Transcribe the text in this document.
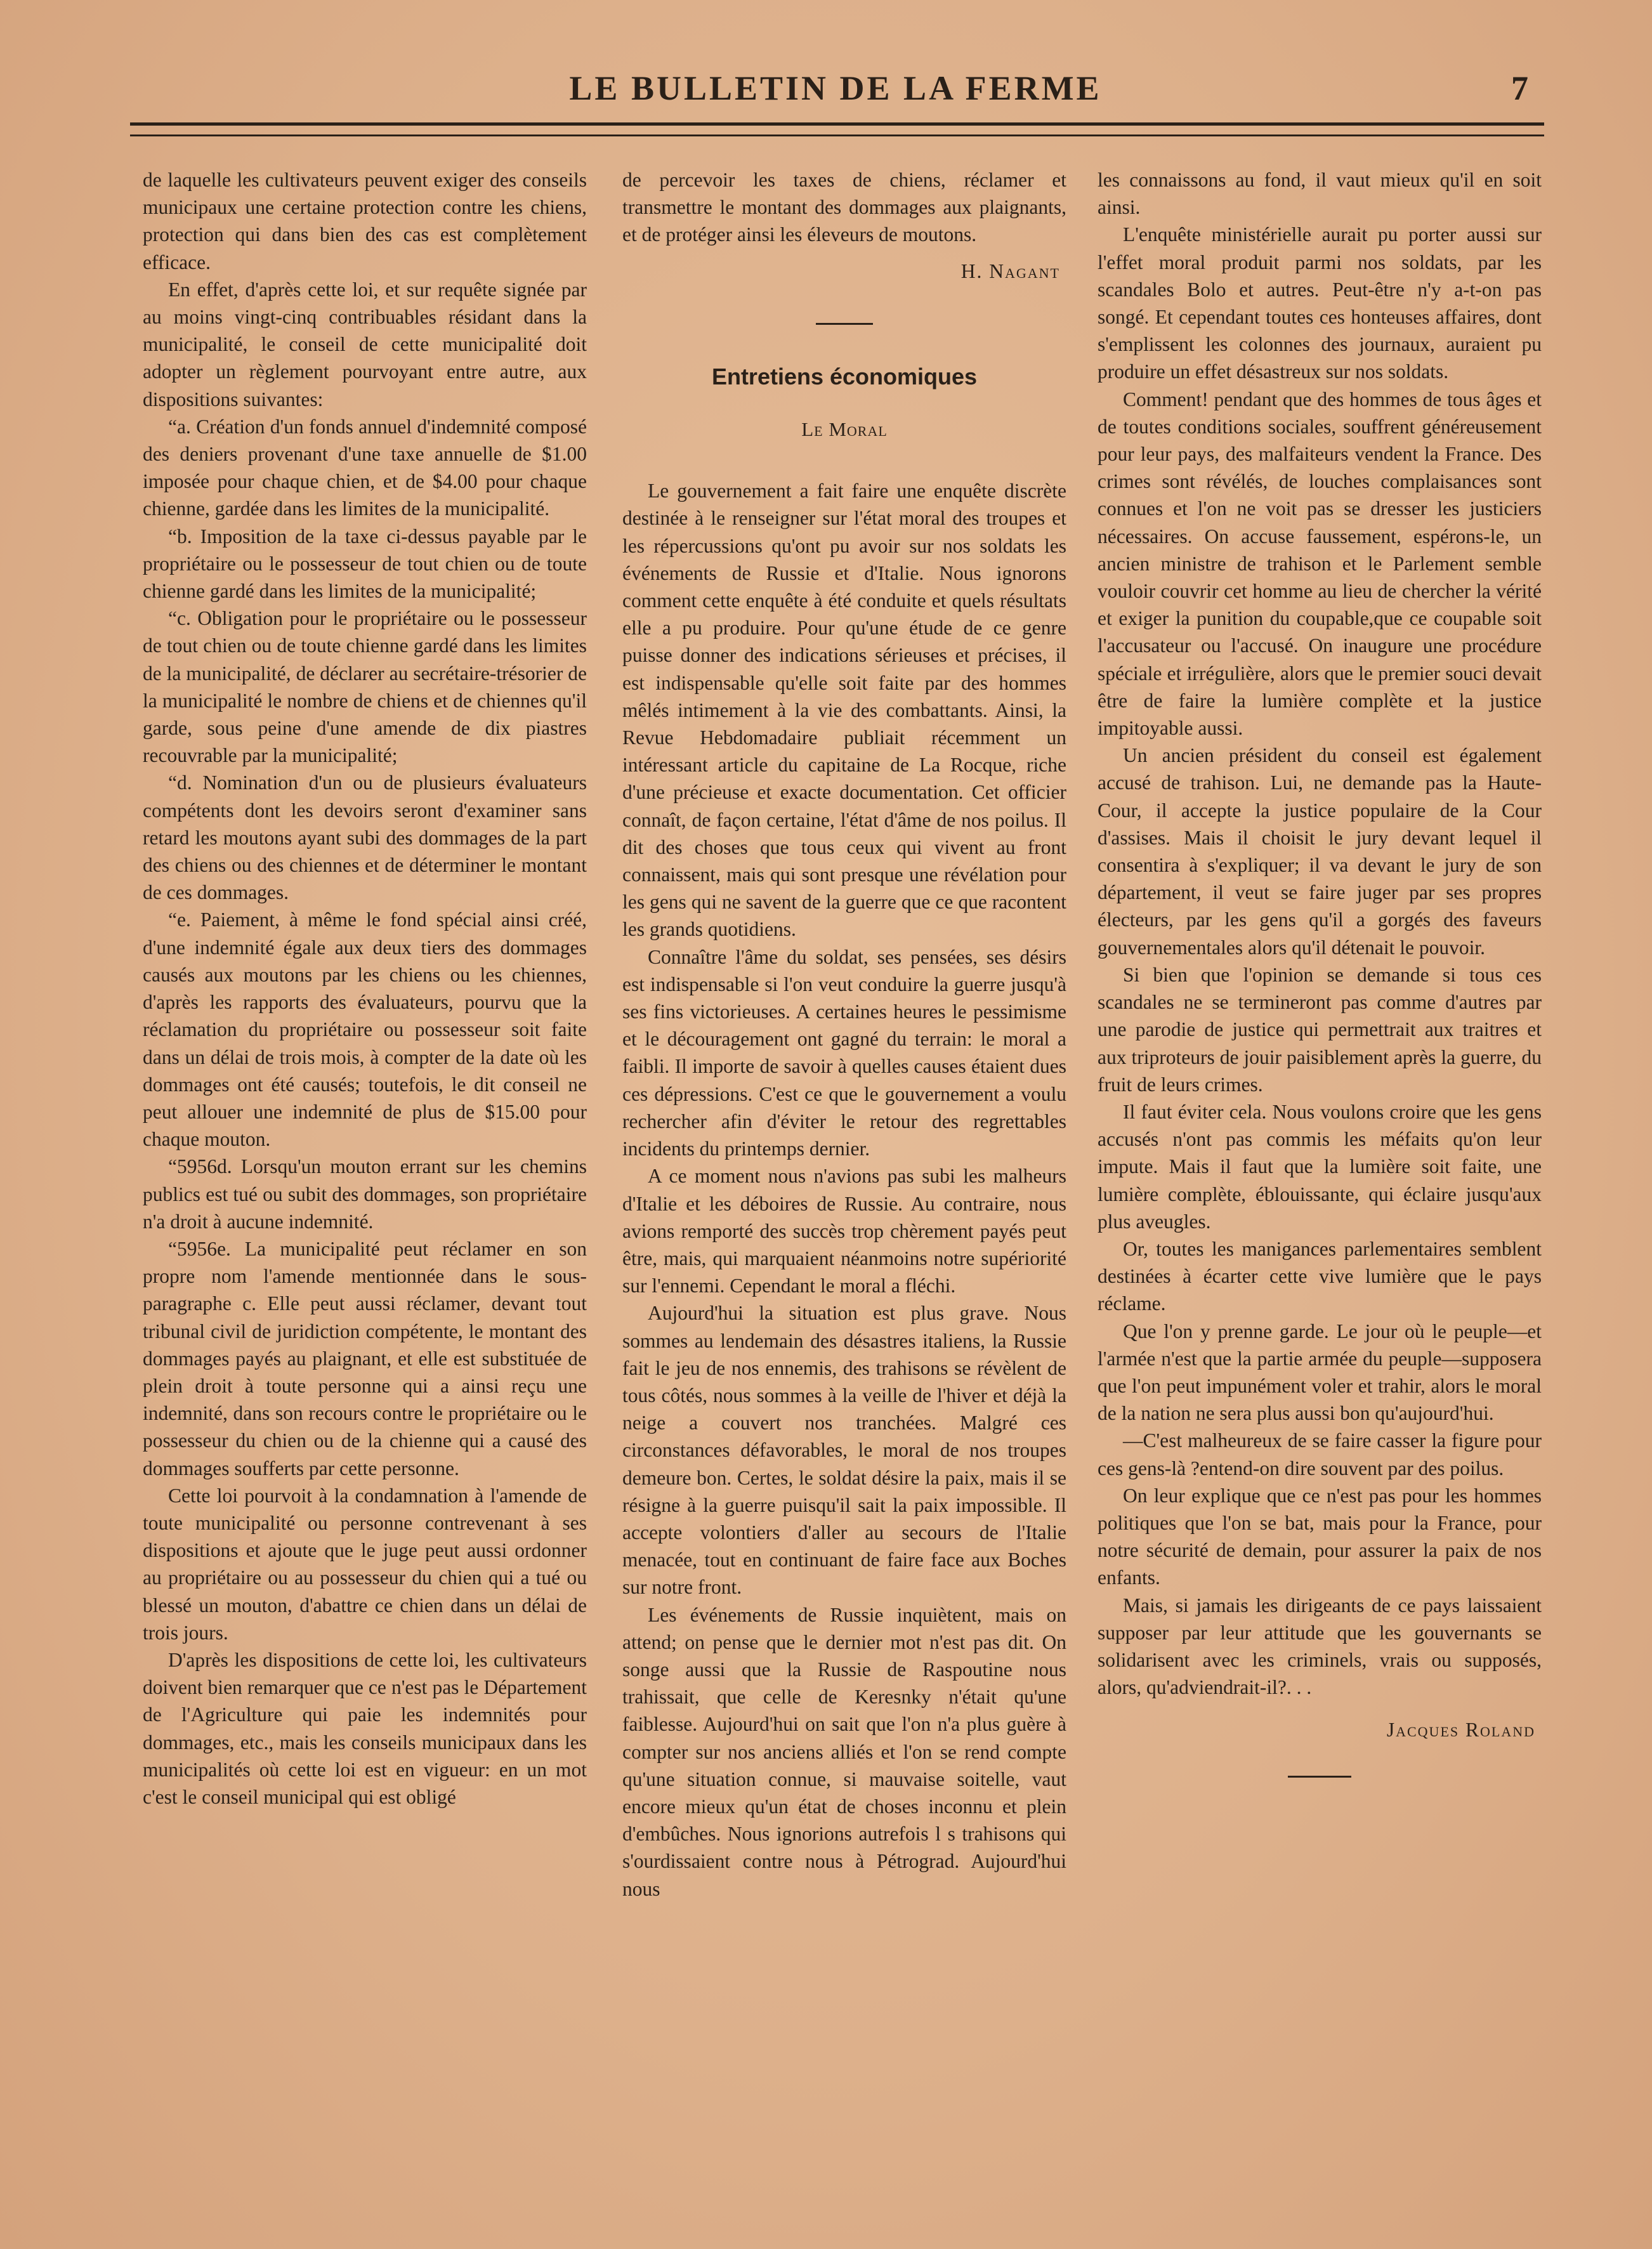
LE BULLETIN DE LA FERME	7

de laquelle les cultivateurs peuvent exiger des conseils municipaux une certaine protection contre les chiens, protection qui dans bien des cas est complètement efficace.

En effet, d'après cette loi, et sur requête signée par au moins vingt-cinq contribuables résidant dans la municipalité, le conseil de cette municipalité doit adopter un règlement pourvoyant entre autre, aux dispositions suivantes:

“a. Création d'un fonds annuel d'indemnité composé des deniers provenant d'une taxe annuelle de $1.00 imposée pour chaque chien, et de $4.00 pour chaque chienne, gardée dans les limites de la municipalité.

“b. Imposition de la taxe ci-dessus payable par le propriétaire ou le possesseur de tout chien ou de toute chienne gardé dans les limites de la municipalité;

“c. Obligation pour le propriétaire ou le possesseur de tout chien ou de toute chienne gardé dans les limites de la municipalité, de déclarer au secrétaire-trésorier de la municipalité le nombre de chiens et de chiennes qu'il garde, sous peine d'une amende de dix piastres recouvrable par la municipalité;

“d. Nomination d'un ou de plusieurs évaluateurs compétents dont les devoirs seront d'examiner sans retard les moutons ayant subi des dommages de la part des chiens ou des chiennes et de déterminer le montant de ces dommages.

“e. Paiement, à même le fond spécial ainsi créé, d'une indemnité égale aux deux tiers des dommages causés aux moutons par les chiens ou les chiennes, d'après les rapports des évaluateurs, pourvu que la réclamation du propriétaire ou possesseur soit faite dans un délai de trois mois, à compter de la date où les dommages ont été causés; toutefois, le dit conseil ne peut allouer une indemnité de plus de $15.00 pour chaque mouton.

“5956d. Lorsqu'un mouton errant sur les chemins publics est tué ou subit des dommages, son propriétaire n'a droit à aucune indemnité.

“5956e. La municipalité peut réclamer en son propre nom l'amende mentionnée dans le sous-paragraphe c. Elle peut aussi réclamer, devant tout tribunal civil de juridiction compétente, le montant des dommages payés au plaignant, et elle est substituée de plein droit à toute personne qui a ainsi reçu une indemnité, dans son recours contre le propriétaire ou le possesseur du chien ou de la chienne qui a causé des dommages soufferts par cette personne.

Cette loi pourvoit à la condamnation à l'amende de toute municipalité ou personne contrevenant à ses dispositions et ajoute que le juge peut aussi ordonner au propriétaire ou au possesseur du chien qui a tué ou blessé un mouton, d'abattre ce chien dans un délai de trois jours.

D'après les dispositions de cette loi, les cultivateurs doivent bien remarquer que ce n'est pas le Département de l'Agriculture qui paie les indemnités pour dommages, etc., mais les conseils municipaux dans les municipalités où cette loi est en vigueur: en un mot c'est le conseil municipal qui est obligé

de percevoir les taxes de chiens, réclamer et transmettre le montant des dommages aux plaignants, et de protéger ainsi les éleveurs de moutons.

H. Nagant

Entretiens économiques
Le Moral

Le gouvernement a fait faire une enquête discrète destinée à le renseigner sur l'état moral des troupes et les répercussions qu'ont pu avoir sur nos soldats les événements de Russie et d'Italie. Nous ignorons comment cette enquête à été conduite et quels résultats elle a pu produire. Pour qu'une étude de ce genre puisse donner des indications sérieuses et précises, il est indispensable qu'elle soit faite par des hommes mêlés intimement à la vie des combattants. Ainsi, la Revue Hebdomadaire publiait récemment un intéressant article du capitaine de La Rocque, riche d'une précieuse et exacte documentation. Cet officier connaît, de façon certaine, l'état d'âme de nos poilus. Il dit des choses que tous ceux qui vivent au front connaissent, mais qui sont presque une révélation pour les gens qui ne savent de la guerre que ce que racontent les grands quotidiens.

Connaître l'âme du soldat, ses pensées, ses désirs est indispensable si l'on veut conduire la guerre jusqu'à ses fins victorieuses. A certaines heures le pessimisme et le découragement ont gagné du terrain: le moral a faibli. Il importe de savoir à quelles causes étaient dues ces dépressions. C'est ce que le gouvernement a voulu rechercher afin d'éviter le retour des regrettables incidents du printemps dernier.

A ce moment nous n'avions pas subi les malheurs d'Italie et les déboires de Russie. Au contraire, nous avions remporté des succès trop chèrement payés peut être, mais, qui marquaient néanmoins notre supériorité sur l'ennemi. Cependant le moral a fléchi.

Aujourd'hui la situation est plus grave. Nous sommes au lendemain des désastres italiens, la Russie fait le jeu de nos ennemis, des trahisons se révèlent de tous côtés, nous sommes à la veille de l'hiver et déjà la neige a couvert nos tranchées. Malgré ces circonstances défavorables, le moral de nos troupes demeure bon. Certes, le soldat désire la paix, mais il se résigne à la guerre puisqu'il sait la paix impossible. Il accepte volontiers d'aller au secours de l'Italie menacée, tout en continuant de faire face aux Boches sur notre front.

Les événements de Russie inquiètent, mais on attend; on pense que le dernier mot n'est pas dit. On songe aussi que la Russie de Raspoutine nous trahissait, que celle de Keresnky n'était qu'une faiblesse. Aujourd'hui on sait que l'on n'a plus guère à compter sur nos anciens alliés et l'on se rend compte qu'une situation connue, si mauvaise soitelle, vaut encore mieux qu'un état de choses inconnu et plein d'embûches. Nous ignorions autrefois l s trahisons qui s'ourdissaient contre nous à Pétrograd. Aujourd'hui nous

les connaissons au fond, il vaut mieux qu'il en soit ainsi.

L'enquête ministérielle aurait pu porter aussi sur l'effet moral produit parmi nos soldats, par les scandales Bolo et autres. Peut-être n'y a-t-on pas songé. Et cependant toutes ces honteuses affaires, dont s'emplissent les colonnes des journaux, auraient pu produire un effet désastreux sur nos soldats.

Comment! pendant que des hommes de tous âges et de toutes conditions sociales, souffrent généreusement pour leur pays, des malfaiteurs vendent la France. Des crimes sont révélés, de louches complaisances sont connues et l'on ne voit pas se dresser les justiciers nécessaires. On accuse faussement, espérons-le, un ancien ministre de trahison et le Parlement semble vouloir couvrir cet homme au lieu de chercher la vérité et exiger la punition du coupable,que ce coupable soit l'accusateur ou l'accusé. On inaugure une procédure spéciale et irrégulière, alors que le premier souci devait être de faire la lumière complète et la justice impitoyable aussi.

Un ancien président du conseil est également accusé de trahison. Lui, ne demande pas la Haute-Cour, il accepte la justice populaire de la Cour d'assises. Mais il choisit le jury devant lequel il consentira à s'expliquer; il va devant le jury de son département, il veut se faire juger par ses propres électeurs, par les gens qu'il a gorgés des faveurs gouvernementales alors qu'il détenait le pouvoir.

Si bien que l'opinion se demande si tous ces scandales ne se termineront pas comme d'autres par une parodie de justice qui permettrait aux traitres et aux triproteurs de jouir paisiblement après la guerre, du fruit de leurs crimes.

Il faut éviter cela. Nous voulons croire que les gens accusés n'ont pas commis les méfaits qu'on leur impute. Mais il faut que la lumière soit faite, une lumière complète, éblouissante, qui éclaire jusqu'aux plus aveugles.

Or, toutes les manigances parlementaires semblent destinées à écarter cette vive lumière que le pays réclame.

Que l'on y prenne garde. Le jour où le peuple—et l'armée n'est que la partie armée du peuple—supposera que l'on peut impunément voler et trahir, alors le moral de la nation ne sera plus aussi bon qu'aujourd'hui.

—C'est malheureux de se faire casser la figure pour ces gens-là ?entend-on dire souvent par des poilus.

On leur explique que ce n'est pas pour les hommes politiques que l'on se bat, mais pour la France, pour notre sécurité de demain, pour assurer la paix de nos enfants.

Mais, si jamais les dirigeants de ce pays laissaient supposer par leur attitude que les gouvernants se solidarisent avec les criminels, vrais ou supposés, alors, qu'adviendrait-il?. . .

Jacques Roland
